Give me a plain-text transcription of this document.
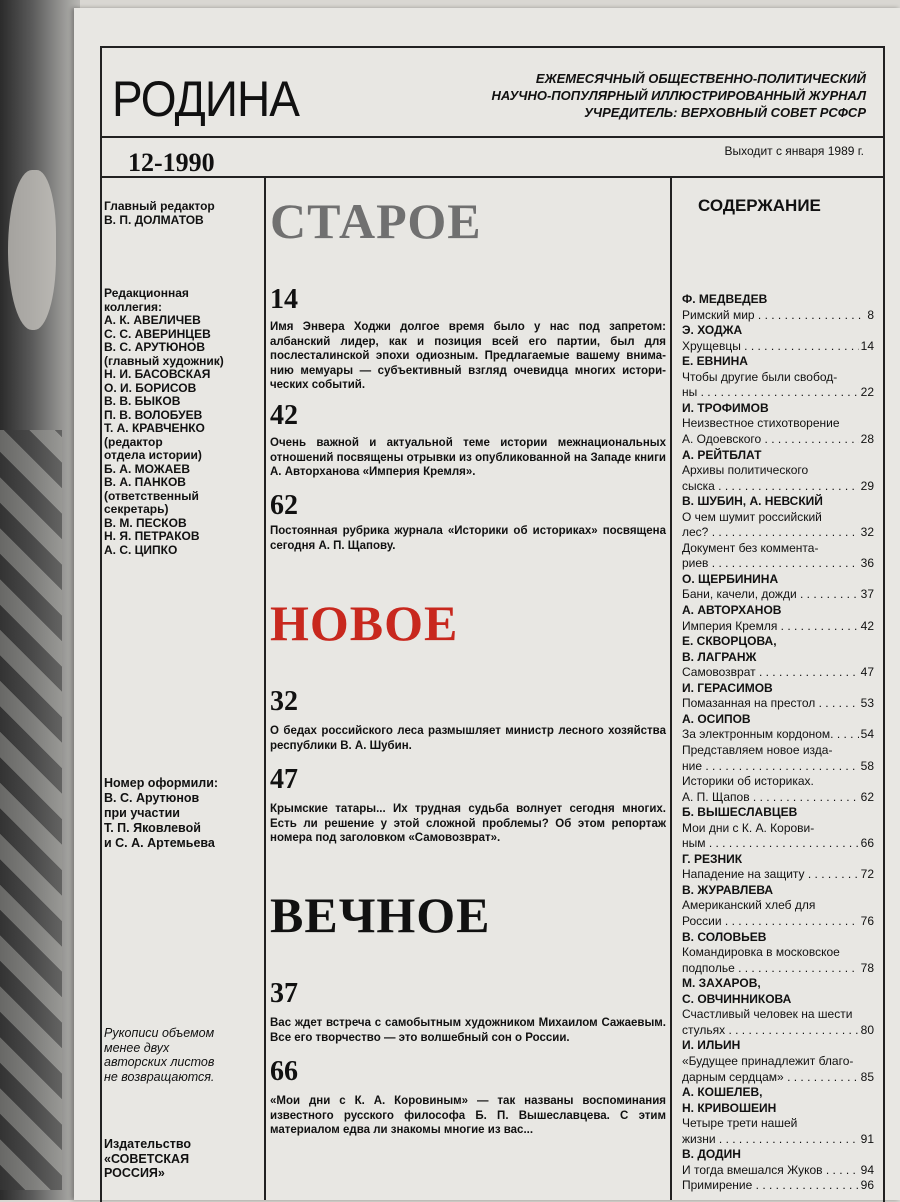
РОДИНА	ЕЖЕМЕСЯЧНЫЙ ОБЩЕСТВЕННО-ПОЛИТИЧЕСКИЙ
НАУЧНО-ПОПУЛЯРНЫЙ ИЛЛЮСТРИРОВАННЫЙ ЖУРНАЛ
УЧРЕДИТЕЛЬ: ВЕРХОВНЫЙ СОВЕТ РСФСР
12-1990	Выходит с января 1989 г.
Главный редактор
В. П. ДОЛМАТОВ
Редакционная
коллегия:
А. К. АВЕЛИЧЕВ
С. С. АВЕРИНЦЕВ
В. С. АРУТЮНОВ
(главный художник)
Н. И. БАСОВСКАЯ
О. И. БОРИСОВ
В. В. БЫКОВ
П. В. ВОЛОБУЕВ
Т. А. КРАВЧЕНКО
(редактор
отдела истории)
Б. А. МОЖАЕВ
В. А. ПАНКОВ
(ответственный
секретарь)
В. М. ПЕСКОВ
Н. Я. ПЕТРАКОВ
А. С. ЦИПКО
Номер оформили:
В. С. Арутюнов
при участии
Т. П. Яковлевой
и С. А. Артемьева
Рукописи объемом
менее двух
авторских листов
не возвращаются.
Издательство
«СОВЕТСКАЯ
РОССИЯ»
СТАРОЕ
14
Имя Энвера Ходжи долгое время было у нас под запретом: албанский лидер, как и позиция всей его партии, был для послесталинской эпохи одиозным. Предлагаемые вашему вниманию мемуары — субъективный взгляд очевидца многих исторических событий.
42
Очень важной и актуальной теме истории межнациональных отношений посвящены отрывки из опубликованной на Западе книги А. Авторханова «Империя Кремля».
62
Постоянная рубрика журнала «Историки об историках» посвящена сегодня А. П. Щапову.
НОВОЕ
32
О бедах российского леса размышляет министр лесного хозяйства республики В. А. Шубин.
47
Крымские татары... Их трудная судьба волнует сегодня многих. Есть ли решение у этой сложной проблемы? Об этом репортаж номера под заголовком «Самовозврат».
ВЕЧНОЕ
37
Вас ждет встреча с самобытным художником Михаилом Сажаевым. Все его творчество — это волшебный сон о России.
66
«Мои дни с К. А. Коровиным» — так названы воспоминания известного русского философа Б. П. Вышеславцева. С этим материалом едва ли знакомы многие из вас...
СОДЕРЖАНИЕ
Ф. МЕДВЕДЕВ
Римский мир . . .	8
Э. ХОДЖА
Хрущевцы . . .	14
Е. ЕВНИНА
Чтобы другие были свобод-
ны . . .	22
И. ТРОФИМОВ
Неизвестное стихотворение
А. Одоевского . . .	28
А. РЕЙТБЛАТ
Архивы политического
сыска . . .	29
В. ШУБИН, А. НЕВСКИЙ
О чем шумит российский
лес? . . .	32
Документ без коммента-
риев . . .	36
О. ЩЕРБИНИНА
Бани, качели, дожди . . .	37
А. АВТОРХАНОВ
Империя Кремля . . .	42
Е. СКВОРЦОВА,
В. ЛАГРАНЖ
Самовозврат . . .	47
И. ГЕРАСИМОВ
Помазанная на престол . . .	53
А. ОСИПОВ
За электронным кордоном. . . . 54
Представляем новое изда-
ние . . .	58
Историки об историках.
А. П. Щапов . . .	62
Б. ВЫШЕСЛАВЦЕВ
Мои дни с К. А. Корови-
ным . . .	66
Г. РЕЗНИК
Нападение на защиту . . .	72
В. ЖУРАВЛЕВА
Американский хлеб для
России . . .	76
В. СОЛОВЬЕВ
Командировка в московское
подполье . . .	78
М. ЗАХАРОВ,
С. ОВЧИННИКОВА
Счастливый человек на шести
стульях . . .	80
И. ИЛЬИН
«Будущее принадлежит благо-
дарным сердцам» . . .	85
А. КОШЕЛЕВ,
Н. КРИВОШЕИН
Четыре трети нашей
жизни . . .	91
В. ДОДИН
И тогда вмешался Жуков . . .	94
Примирение . . .	96
